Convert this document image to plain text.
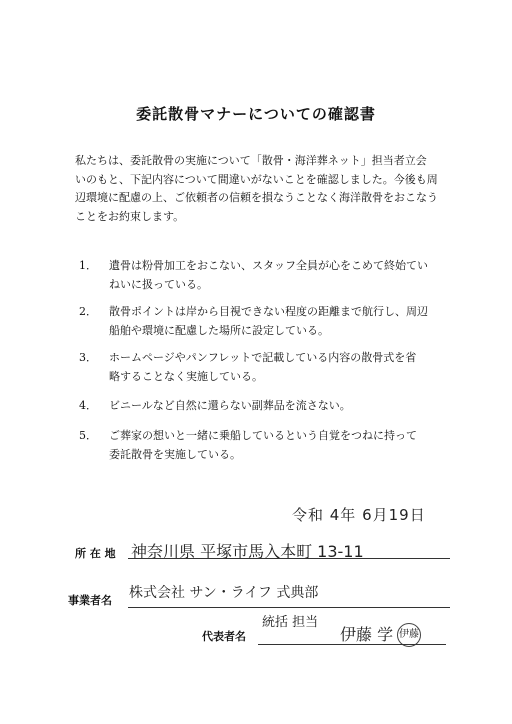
委託散骨マナーについての確認書
私たちは、委託散骨の実施について「散骨・海洋葬ネット」担当者立会
いのもと、下記内容について間違いがないことを確認しました。今後も周
辺環境に配慮の上、ご依頼者の信頼を損なうことなく海洋散骨をおこなう
ことをお約束します。
1． 遺骨は粉骨加工をおこない、スタッフ全員が心をこめて終始てい
ねいに扱っている。
2． 散骨ポイントは岸から目視できない程度の距離まで航行し、周辺
船舶や環境に配慮した場所に設定している。
3． ホームページやパンフレットで記載している内容の散骨式を省
略することなく実施している。
4． ビニールなど自然に還らない副葬品を流さない。
5． ご葬家の想いと一緒に乗船しているという自覚をつねに持って
委託散骨を実施している。
令和 4年 6月19日
所 在 地 神奈川県 平塚市馬入本町 13-11
事業者名 株式会社 サン・ライフ 式典部
代表者名
統括 担当
伊藤 学 伊藤
